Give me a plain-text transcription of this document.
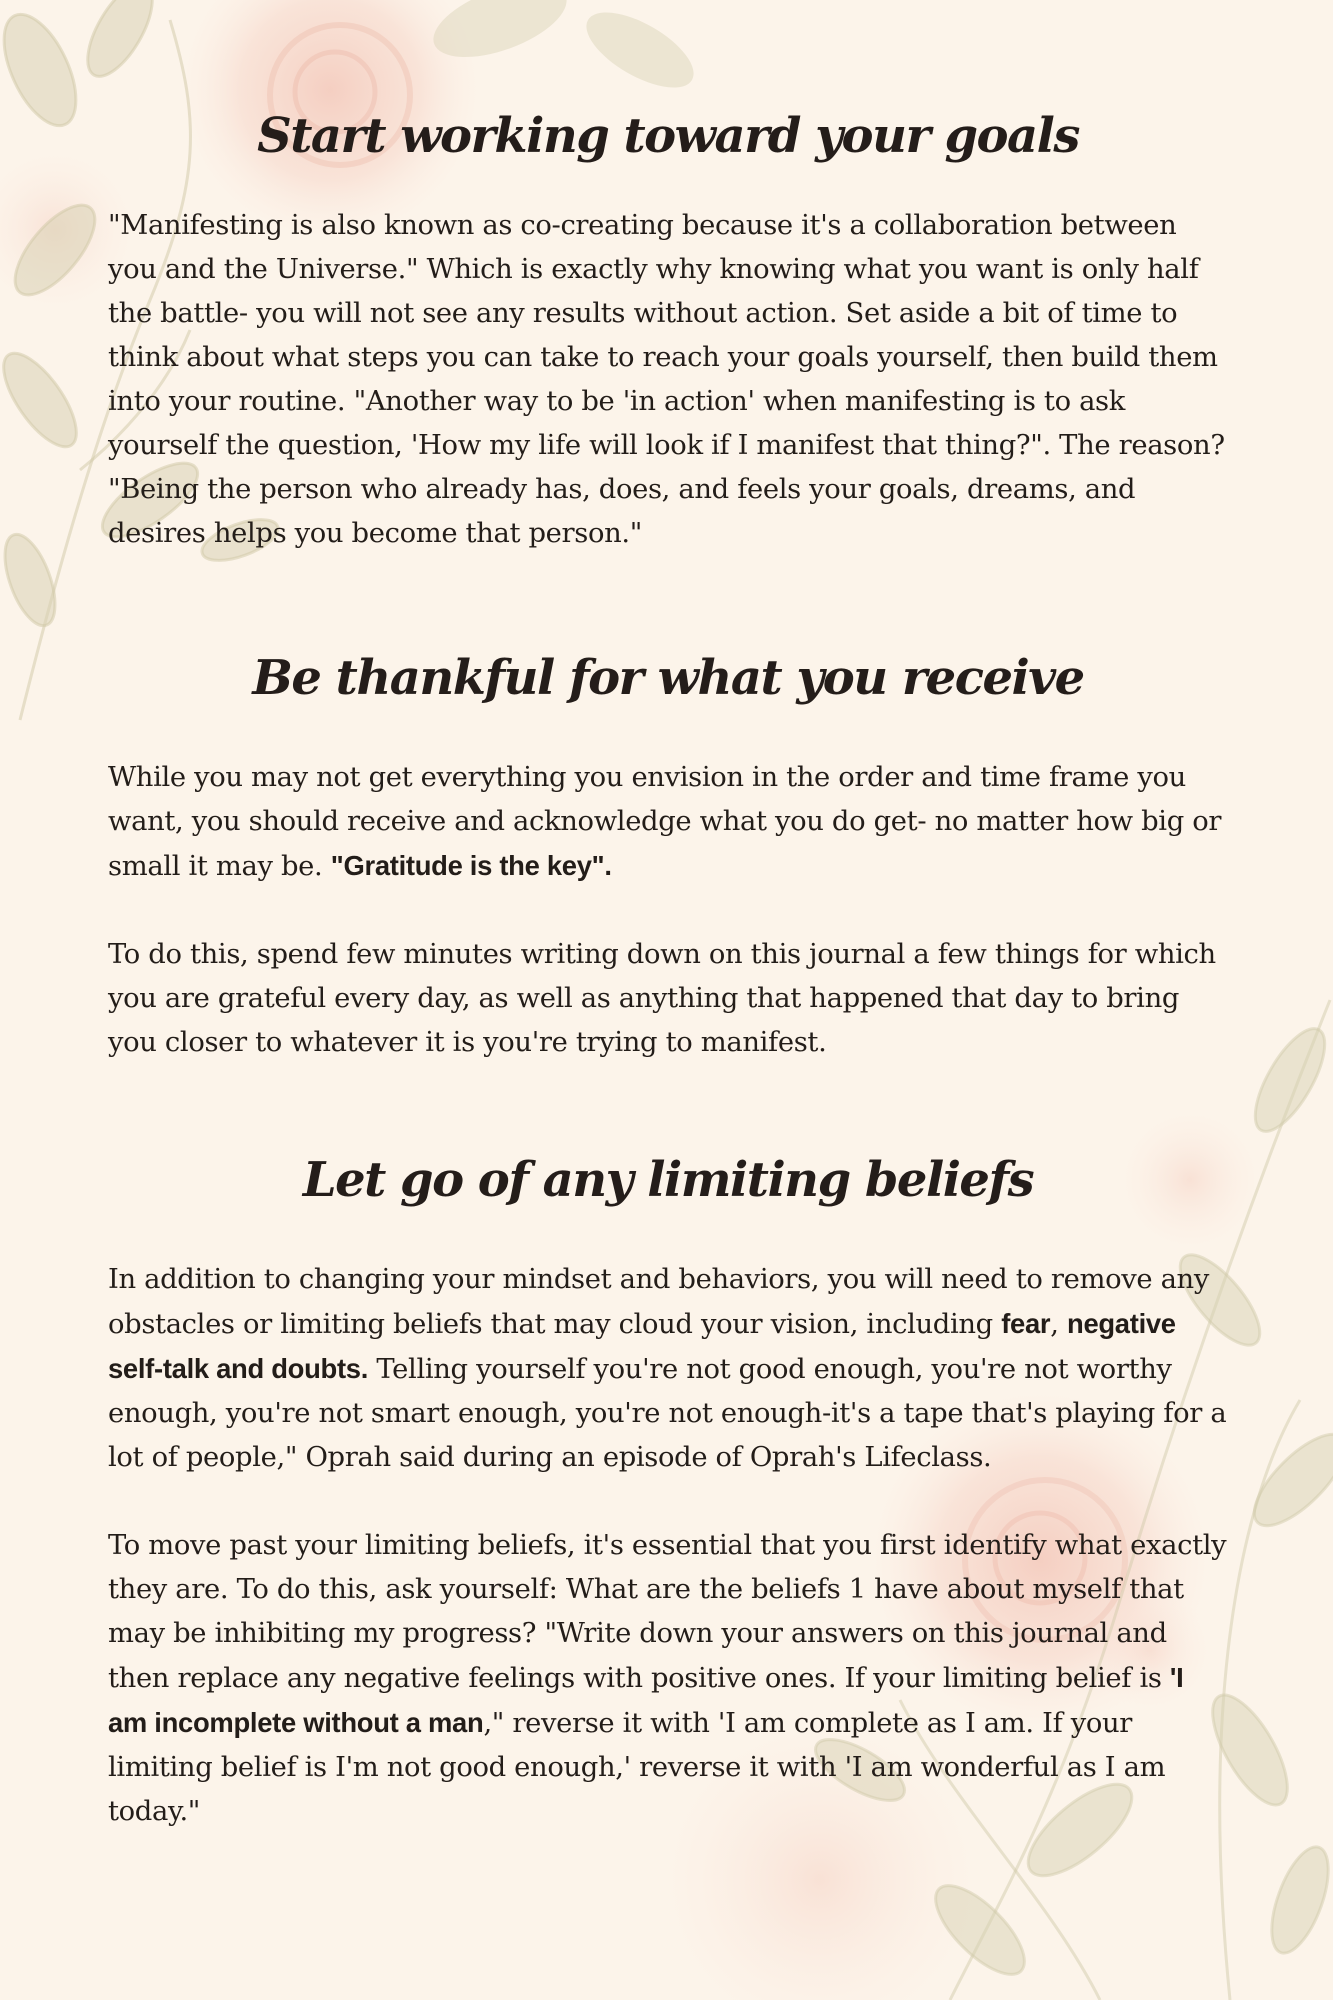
Start working toward your goals

"Manifesting is also known as co-creating because it's a collaboration between you and the Universe." Which is exactly why knowing what you want is only half the battle- you will not see any results without action. Set aside a bit of time to think about what steps you can take to reach your goals yourself, then build them into your routine. "Another way to be 'in action' when manifesting is to ask yourself the question, 'How my life will look if I manifest that thing?". The reason? "Being the person who already has, does, and feels your goals, dreams, and desires helps you become that person."

Be thankful for what you receive

While you may not get everything you envision in the order and time frame you want, you should receive and acknowledge what you do get- no matter how big or small it may be. "Gratitude is the key".

To do this, spend few minutes writing down on this journal a few things for which you are grateful every day, as well as anything that happened that day to bring you closer to whatever it is you're trying to manifest.

Let go of any limiting beliefs

In addition to changing your mindset and behaviors, you will need to remove any obstacles or limiting beliefs that may cloud your vision, including fear, negative self-talk and doubts. Telling yourself you're not good enough, you're not worthy enough, you're not smart enough, you're not enough-it's a tape that's playing for a lot of people," Oprah said during an episode of Oprah's Lifeclass.

To move past your limiting beliefs, it's essential that you first identify what exactly they are. To do this, ask yourself: What are the beliefs 1 have about myself that may be inhibiting my progress? "Write down your answers on this journal and then replace any negative feelings with positive ones. If your limiting belief is 'I am incomplete without a man," reverse it with 'I am complete as I am. If your limiting belief is I'm not good enough,' reverse it with 'I am wonderful as I am today."
